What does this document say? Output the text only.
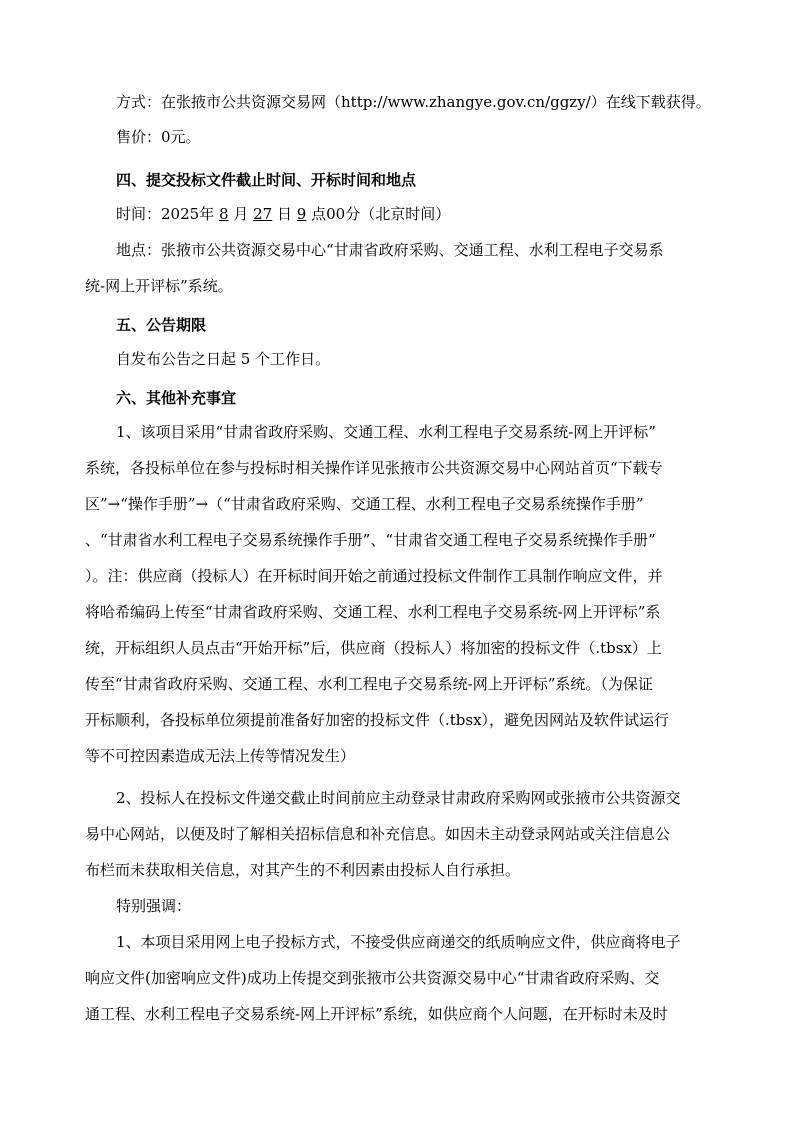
方式：在张掖市公共资源交易网（http://www.zhangye.gov.cn/ggzy/）在线下载获得。
售价：0元。
四、提交投标文件截止时间、开标时间和地点
时间：2025年 8 月 27 日 9 点00分（北京时间）
地点：张掖市公共资源交易中心“甘肃省政府采购、交通工程、水利工程电子交易系
统-网上开评标”系统。
五、公告期限
自发布公告之日起 5 个工作日。
六、其他补充事宜
1、该项目采用“甘肃省政府采购、交通工程、水利工程电子交易系统-网上开评标”
系统，各投标单位在参与投标时相关操作详见张掖市公共资源交易中心网站首页“下载专
区”→“操作手册”→（“甘肃省政府采购、交通工程、水利工程电子交易系统操作手册”
、“甘肃省水利工程电子交易系统操作手册”、“甘肃省交通工程电子交易系统操作手册”
）。注：供应商（投标人）在开标时间开始之前通过投标文件制作工具制作响应文件，并
将哈希编码上传至“甘肃省政府采购、交通工程、水利工程电子交易系统-网上开评标”系
统，开标组织人员点击“开始开标”后，供应商（投标人）将加密的投标文件（.tbsx）上
传至“甘肃省政府采购、交通工程、水利工程电子交易系统-网上开评标”系统。（为保证
开标顺利，各投标单位须提前准备好加密的投标文件（.tbsx），避免因网站及软件试运行
等不可控因素造成无法上传等情况发生）
2、投标人在投标文件递交截止时间前应主动登录甘肃政府采购网或张掖市公共资源交
易中心网站，以便及时了解相关招标信息和补充信息。如因未主动登录网站或关注信息公
布栏而未获取相关信息，对其产生的不利因素由投标人自行承担。
特别强调：
1、本项目采用网上电子投标方式，不接受供应商递交的纸质响应文件，供应商将电子
响应文件(加密响应文件)成功上传提交到张掖市公共资源交易中心“甘肃省政府采购、交
通工程、水利工程电子交易系统-网上开评标”系统，如供应商个人问题，在开标时未及时
